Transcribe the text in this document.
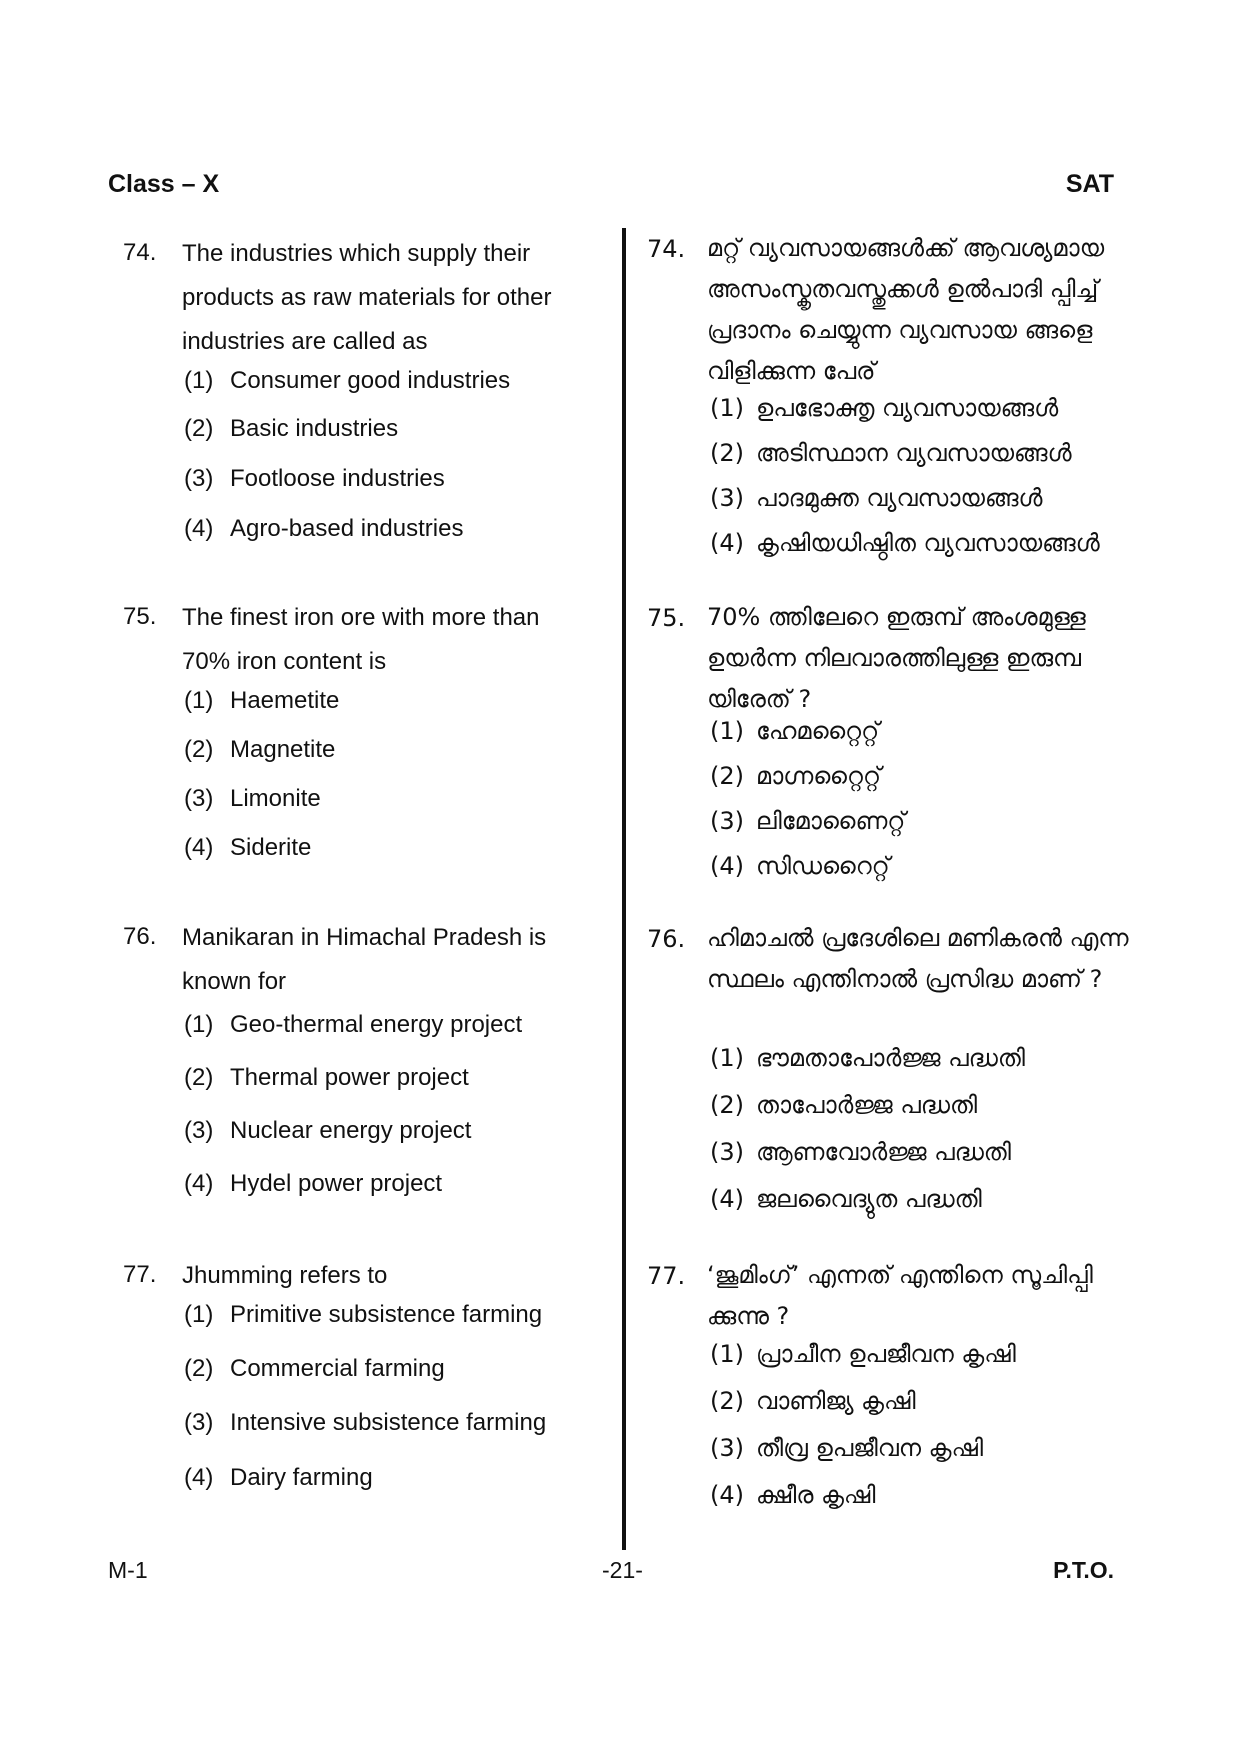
Class – X	SAT
74. The industries which supply their products as raw materials for other industries are called as
(1) Consumer good industries
(2) Basic industries
(3) Footloose industries
(4) Agro-based industries
75. The finest iron ore with more than 70% iron content is
(1) Haemetite
(2) Magnetite
(3) Limonite
(4) Siderite
76. Manikaran in Himachal Pradesh is known for
(1) Geo-thermal energy project
(2) Thermal power project
(3) Nuclear energy project
(4) Hydel power project
77. Jhumming refers to
(1) Primitive subsistence farming
(2) Commercial farming
(3) Intensive subsistence farming
(4) Dairy farming
74. മറ്റ് വ്യവസായങ്ങൾക്ക് ആവശ്യമായ അസംസ്കൃതവസ്തുക്കൾ ഉൽപാദി പ്പിച്ച് പ്രദാനം ചെയ്യുന്ന വ്യവസായ ങ്ങളെ വിളിക്കുന്ന പേര്
(1) ഉപഭോക്തൃ വ്യവസായങ്ങൾ
(2) അടിസ്ഥാന വ്യവസായങ്ങൾ
(3) പാദമുക്ത വ്യവസായങ്ങൾ
(4) കൃഷിയധിഷ്ഠിത വ്യവസായങ്ങൾ
75. 70% ത്തിലേറെ ഇരുമ്പ് അംശമുള്ള ഉയർന്ന നിലവാരത്തിലുള്ള ഇരുമ്പ യിരേത് ?
(1) ഹേമറ്റൈറ്റ്
(2) മാഗ്നറ്റൈറ്റ്
(3) ലിമോണൈറ്റ്
(4) സിഡറൈറ്റ്
76. ഹിമാചൽ പ്രദേശിലെ മണികരൻ എന്ന സ്ഥലം എന്തിനാൽ പ്രസിദ്ധ മാണ് ?
(1) ഭൗമതാപോർജ്ജ പദ്ധതി
(2) താപോർജ്ജ പദ്ധതി
(3) ആണവോർജ്ജ പദ്ധതി
(4) ജലവൈദ്യുത പദ്ധതി
77. ‘ജൂമിംഗ്’ എന്നത് എന്തിനെ സൂചിപ്പി ക്കുന്നു ?
(1) പ്രാചീന ഉപജീവന കൃഷി
(2) വാണിജ്യ കൃഷി
(3) തീവ്ര ഉപജീവന കൃഷി
(4) ക്ഷീര കൃഷി
M-1	-21-	P.T.O.
